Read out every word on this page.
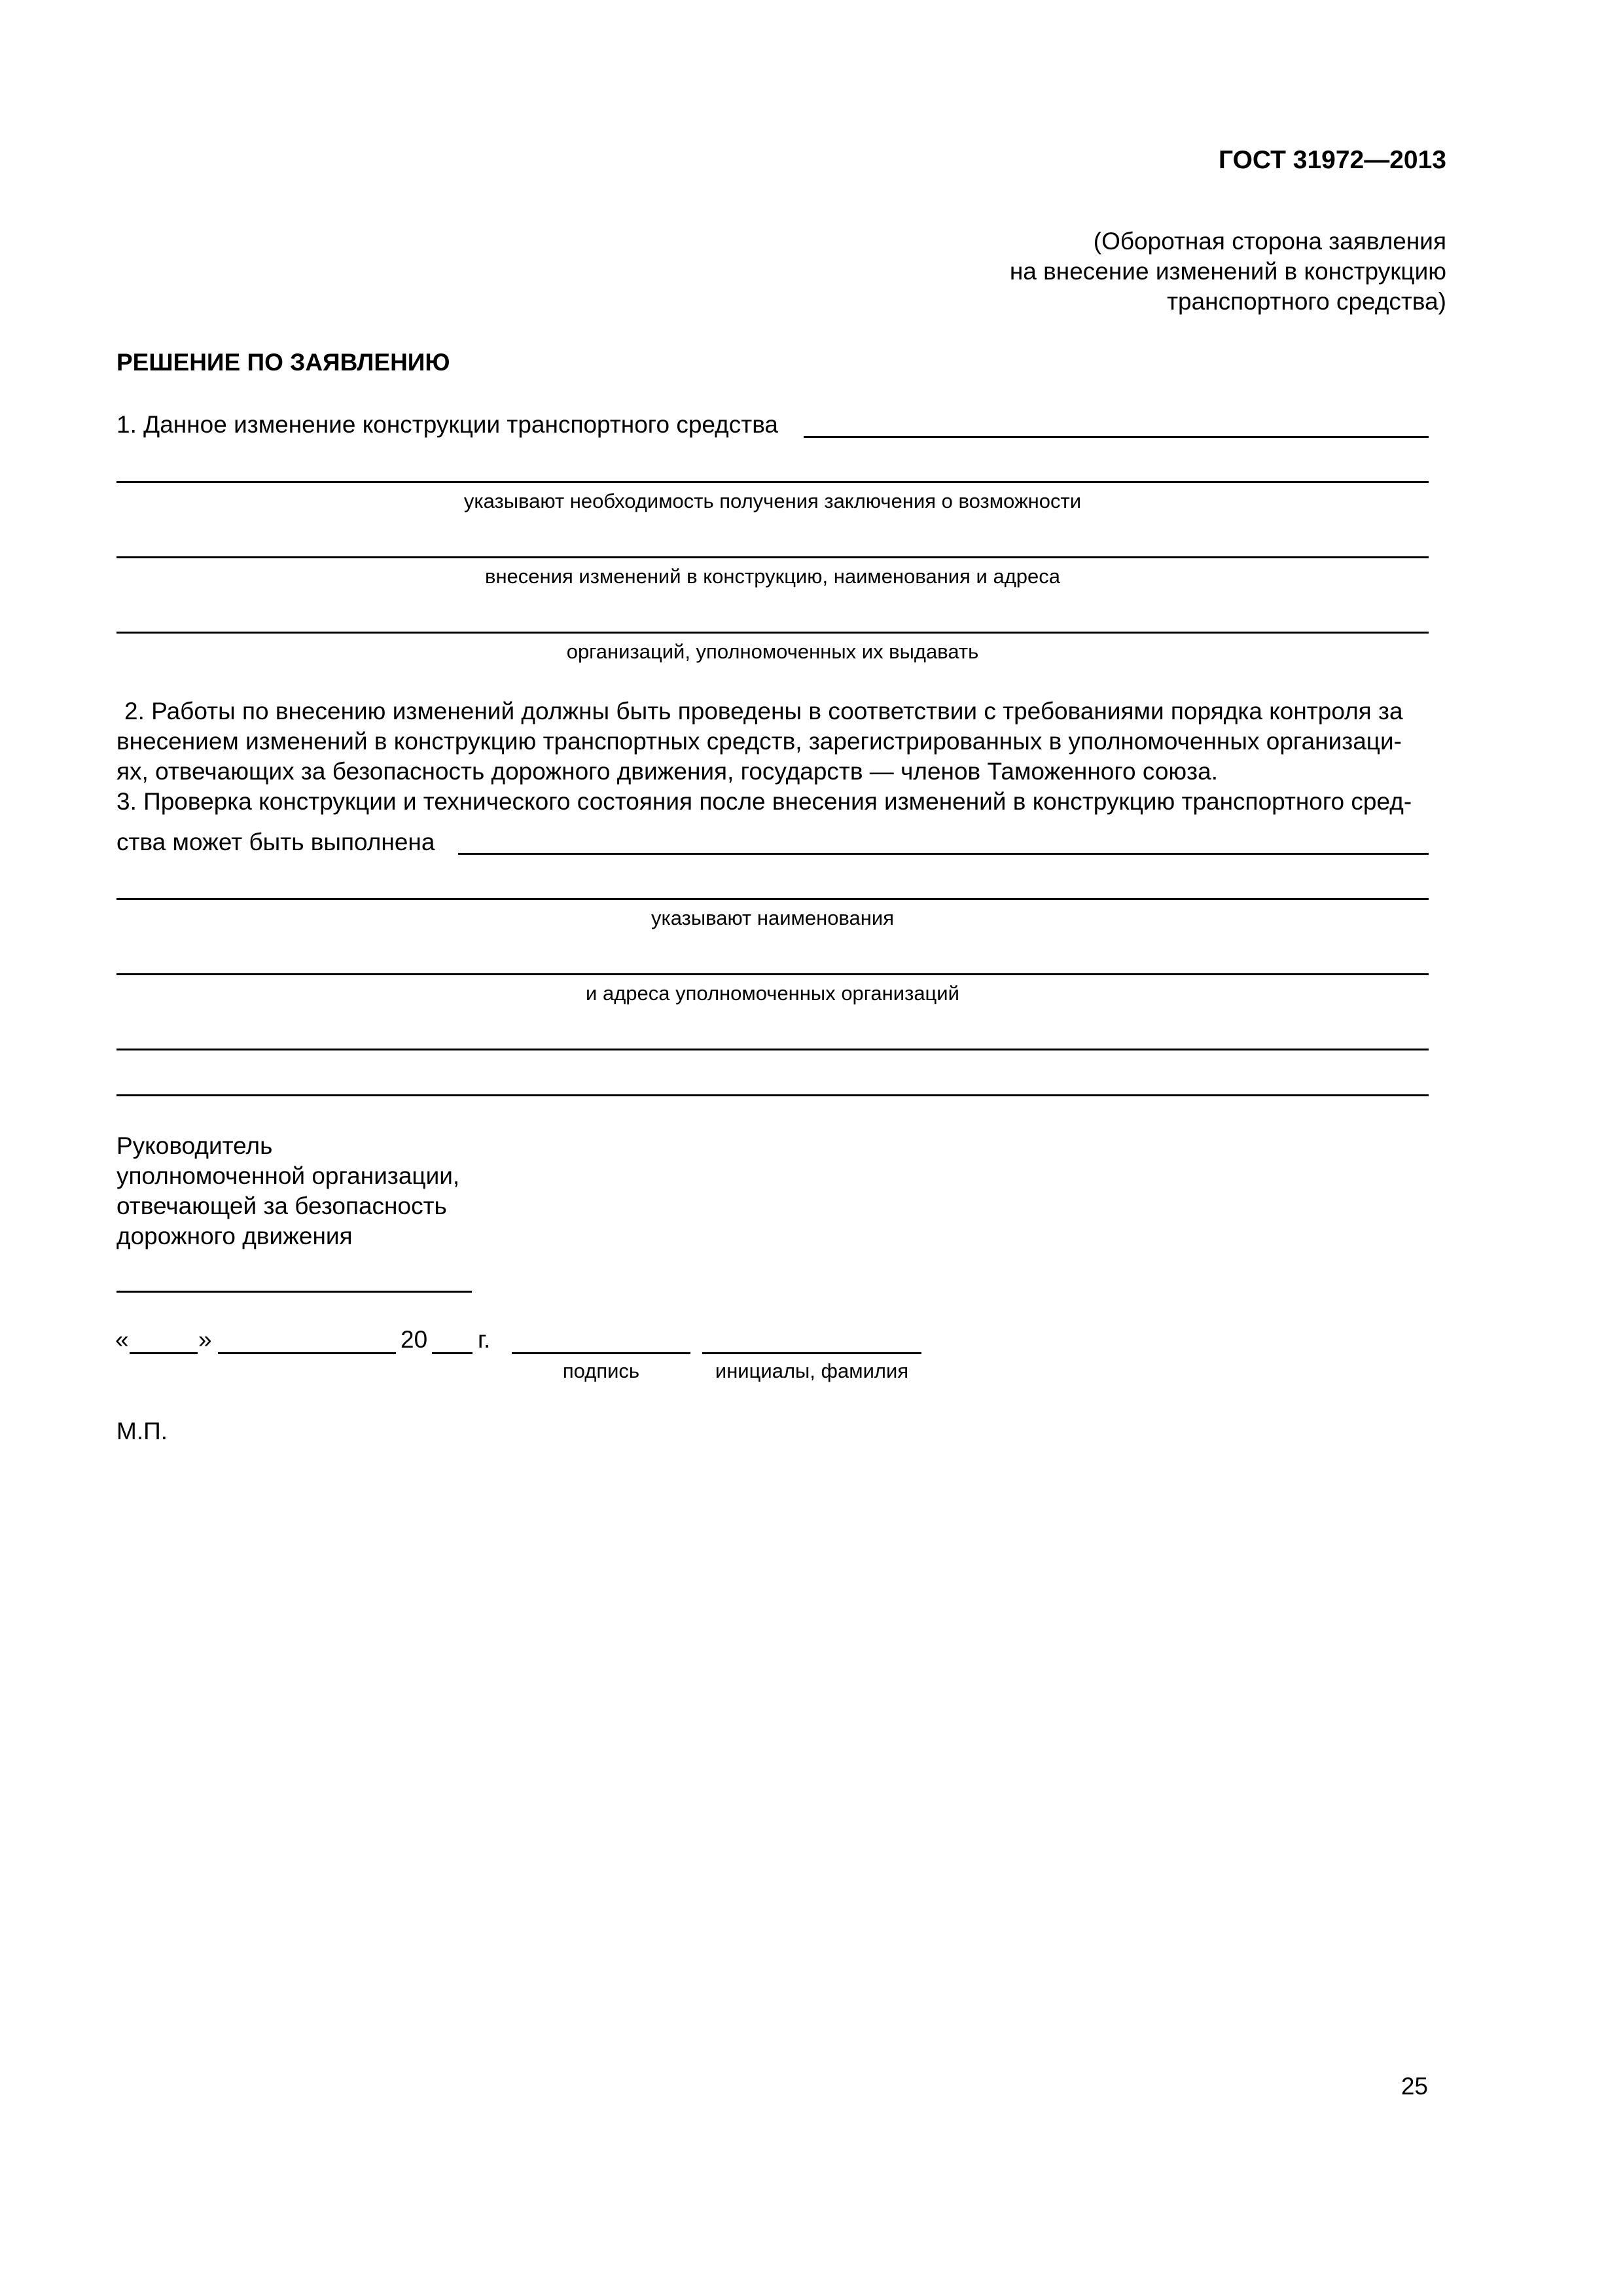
ГОСТ 31972—2013
(Оборотная сторона заявления
на внесение изменений в конструкцию
транспортного средства)
РЕШЕНИЕ ПО ЗАЯВЛЕНИЮ
1. Данное изменение конструкции транспортного средства
указывают необходимость получения заключения о возможности
внесения изменений в конструкцию, наименования и адреса
организаций, уполномоченных их выдавать
2. Работы по внесению изменений должны быть проведены в соответствии с требованиями порядка контроля за
внесением изменений в конструкцию транспортных средств, зарегистрированных в уполномоченных организаци-
ях, отвечающих за безопасность дорожного движения, государств — членов Таможенного союза.
3. Проверка конструкции и технического состояния после внесения изменений в конструкцию транспортного сред-
ства может быть выполнена
указывают наименования
и адреса уполномоченных организаций
Руководитель
уполномоченной организации,
отвечающей за безопасность
дорожного движения
«	»	20 г.
подпись	инициалы, фамилия
М.П.
25
